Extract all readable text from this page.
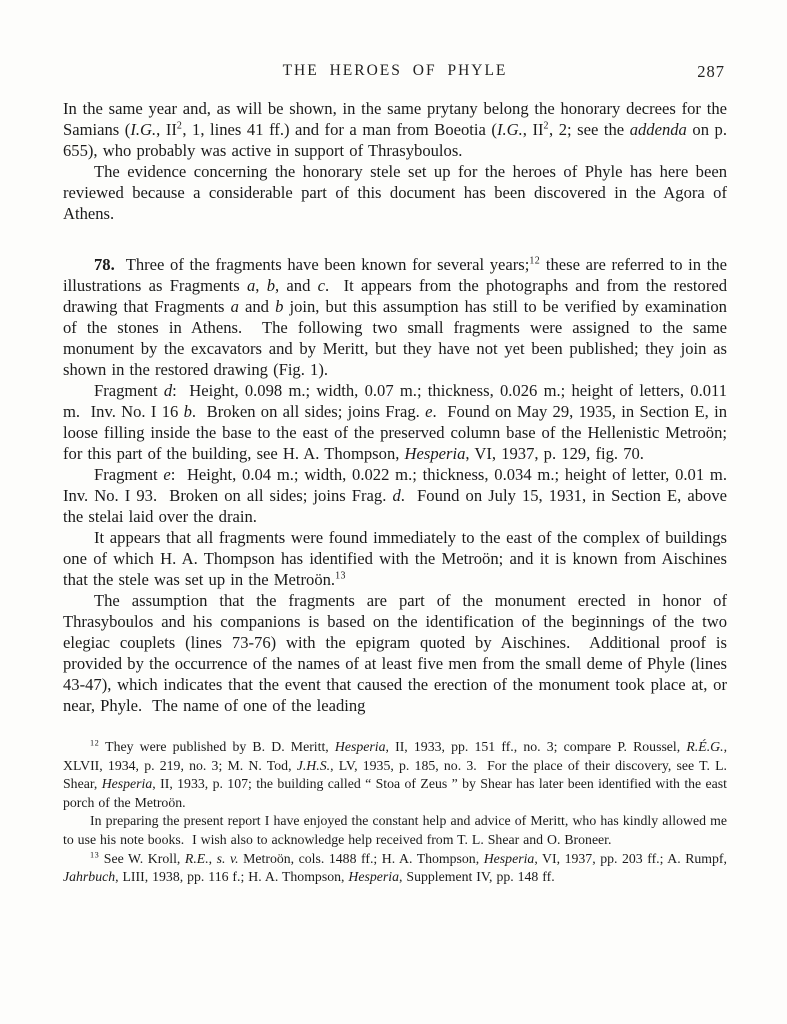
THE HEROES OF PHYLE	287

In the same year and, as will be shown, in the same prytany belong the honorary decrees for the Samians (I.G., $II^2$, 1, lines 41 ff.) and for a man from Boeotia (I.G., $II^2$, 2; see the addenda on p. 655), who probably was active in support of Thrasyboulos.

The evidence concerning the honorary stele set up for the heroes of Phyle has here been reviewed because a considerable part of this document has been discovered in the Agora of Athens.

78.  Three of the fragments have been known for several years;$^{12}$ these are referred to in the illustrations as Fragments a, b, and c.  It appears from the photographs and from the restored drawing that Fragments a and b join, but this assumption has still to be verified by examination of the stones in Athens.  The following two small fragments were assigned to the same monument by the excavators and by Meritt, but they have not yet been published; they join as shown in the restored drawing (Fig. 1).

Fragment d:  Height, 0.098 m.; width, 0.07 m.; thickness, 0.026 m.; height of letters, 0.011 m.  Inv. No. I 16 b.  Broken on all sides; joins Frag. e.  Found on May 29, 1935, in Section E, in loose filling inside the base to the east of the preserved column base of the Hellenistic Metroön; for this part of the building, see H. A. Thompson, Hesperia, VI, 1937, p. 129, fig. 70.

Fragment e:  Height, 0.04 m.; width, 0.022 m.; thickness, 0.034 m.; height of letter, 0.01 m.  Inv. No. I 93.  Broken on all sides; joins Frag. d.  Found on July 15, 1931, in Section E, above the stelai laid over the drain.

It appears that all fragments were found immediately to the east of the complex of buildings one of which H. A. Thompson has identified with the Metroön; and it is known from Aischines that the stele was set up in the Metroön.$^{13}$

The assumption that the fragments are part of the monument erected in honor of Thrasyboulos and his companions is based on the identification of the beginnings of the two elegiac couplets (lines 73-76) with the epigram quoted by Aischines.  Additional proof is provided by the occurrence of the names of at least five men from the small deme of Phyle (lines 43-47), which indicates that the event that caused the erection of the monument took place at, or near, Phyle.  The name of one of the leading

$^{12}$ They were published by B. D. Meritt, Hesperia, II, 1933, pp. 151 ff., no. 3; compare P. Roussel, R.É.G., XLVII, 1934, p. 219, no. 3; M. N. Tod, J.H.S., LV, 1935, p. 185, no. 3.  For the place of their discovery, see T. L. Shear, Hesperia, II, 1933, p. 107; the building called “ Stoa of Zeus ” by Shear has later been identified with the east porch of the Metroön.

In preparing the present report I have enjoyed the constant help and advice of Meritt, who has kindly allowed me to use his note books.  I wish also to acknowledge help received from T. L. Shear and O. Broneer.

$^{13}$ See W. Kroll, R.E., s. v. Metroön, cols. 1488 ff.; H. A. Thompson, Hesperia, VI, 1937, pp. 203 ff.; A. Rumpf, Jahrbuch, LIII, 1938, pp. 116 f.; H. A. Thompson, Hesperia, Supplement IV, pp. 148 ff.
